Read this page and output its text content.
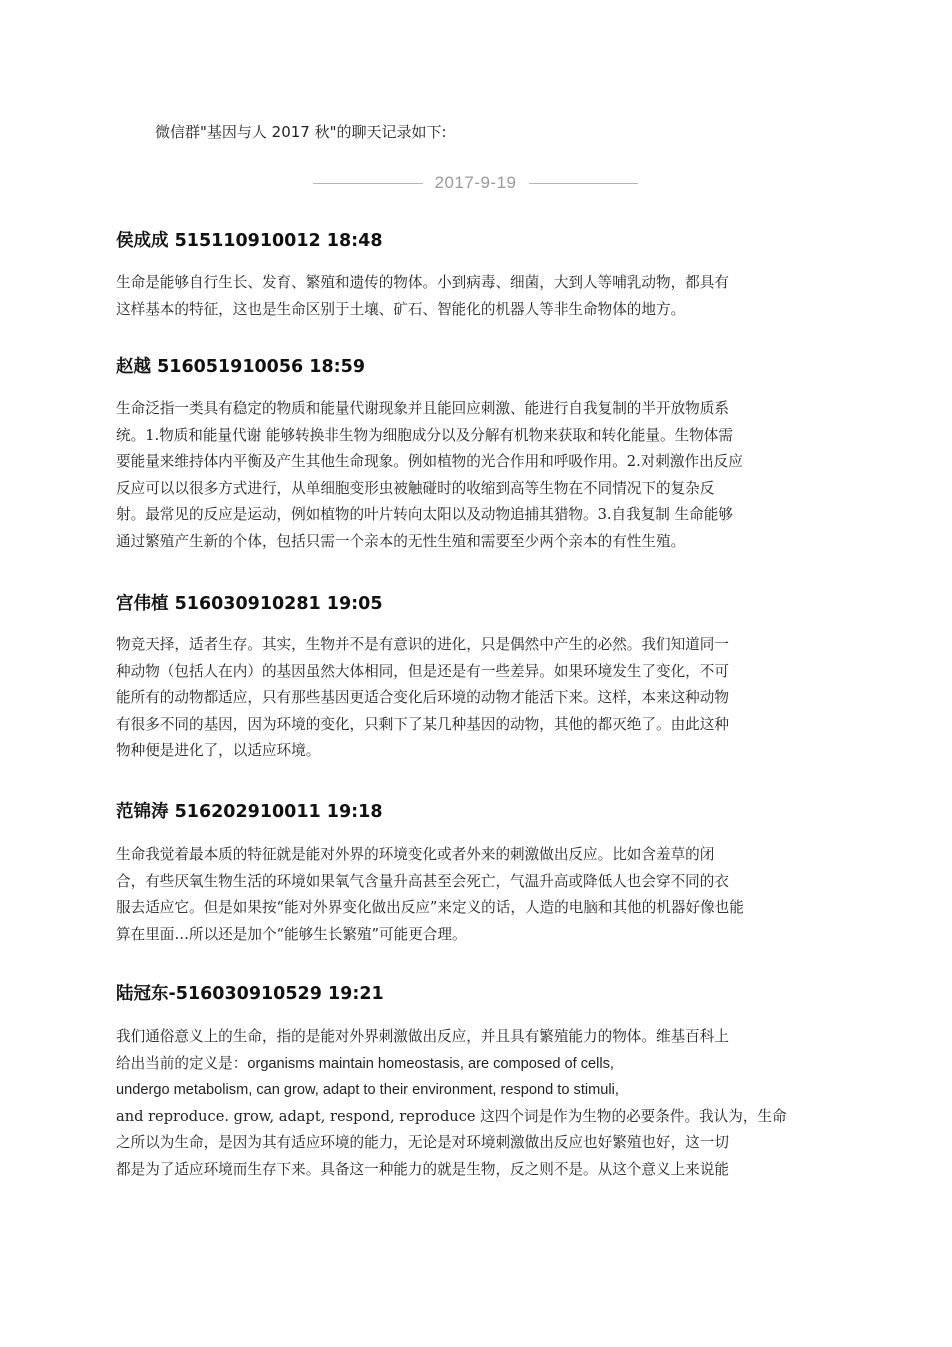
微信群"基因与人 2017 秋"的聊天记录如下:
2017-9-19
侯成成 515110910012 18:48
生命是能够自行生长、发育、繁殖和遗传的物体。小到病毒、细菌，大到人等哺乳动物，都具有
这样基本的特征，这也是生命区别于土壤、矿石、智能化的机器人等非生命物体的地方。
赵越 516051910056 18:59
生命泛指一类具有稳定的物质和能量代谢现象并且能回应刺激、能进行自我复制的半开放物质系
统。1.物质和能量代谢 能够转换非生物为细胞成分以及分解有机物来获取和转化能量。生物体需
要能量来维持体内平衡及产生其他生命现象。例如植物的光合作用和呼吸作用。2.对刺激作出反应
反应可以以很多方式进行，从单细胞变形虫被触碰时的收缩到高等生物在不同情况下的复杂反
射。最常见的反应是运动，例如植物的叶片转向太阳以及动物追捕其猎物。3.自我复制 生命能够
通过繁殖产生新的个体，包括只需一个亲本的无性生殖和需要至少两个亲本的有性生殖。
宫伟植 516030910281 19:05
物竞天择，适者生存。其实，生物并不是有意识的进化，只是偶然中产生的必然。我们知道同一
种动物（包括人在内）的基因虽然大体相同，但是还是有一些差异。如果环境发生了变化，不可
能所有的动物都适应，只有那些基因更适合变化后环境的动物才能活下来。这样，本来这种动物
有很多不同的基因，因为环境的变化，只剩下了某几种基因的动物，其他的都灭绝了。由此这种
物种便是进化了，以适应环境。
范锦涛 516202910011 19:18
生命我觉着最本质的特征就是能对外界的环境变化或者外来的刺激做出反应。比如含羞草的闭
合，有些厌氧生物生活的环境如果氧气含量升高甚至会死亡，气温升高或降低人也会穿不同的衣
服去适应它。但是如果按“能对外界变化做出反应”来定义的话，人造的电脑和其他的机器好像也能
算在里面…所以还是加个“能够生长繁殖”可能更合理。
陆冠东-516030910529 19:21
我们通俗意义上的生命，指的是能对外界刺激做出反应，并且具有繁殖能力的物体。维基百科上
给出当前的定义是：organisms maintain homeostasis, are composed of cells,
undergo metabolism, can grow, adapt to their environment, respond to stimuli,
and reproduce. grow, adapt, respond, reproduce 这四个词是作为生物的必要条件。我认为，生命
之所以为生命，是因为其有适应环境的能力，无论是对环境刺激做出反应也好繁殖也好，这一切
都是为了适应环境而生存下来。具备这一种能力的就是生物，反之则不是。从这个意义上来说能
